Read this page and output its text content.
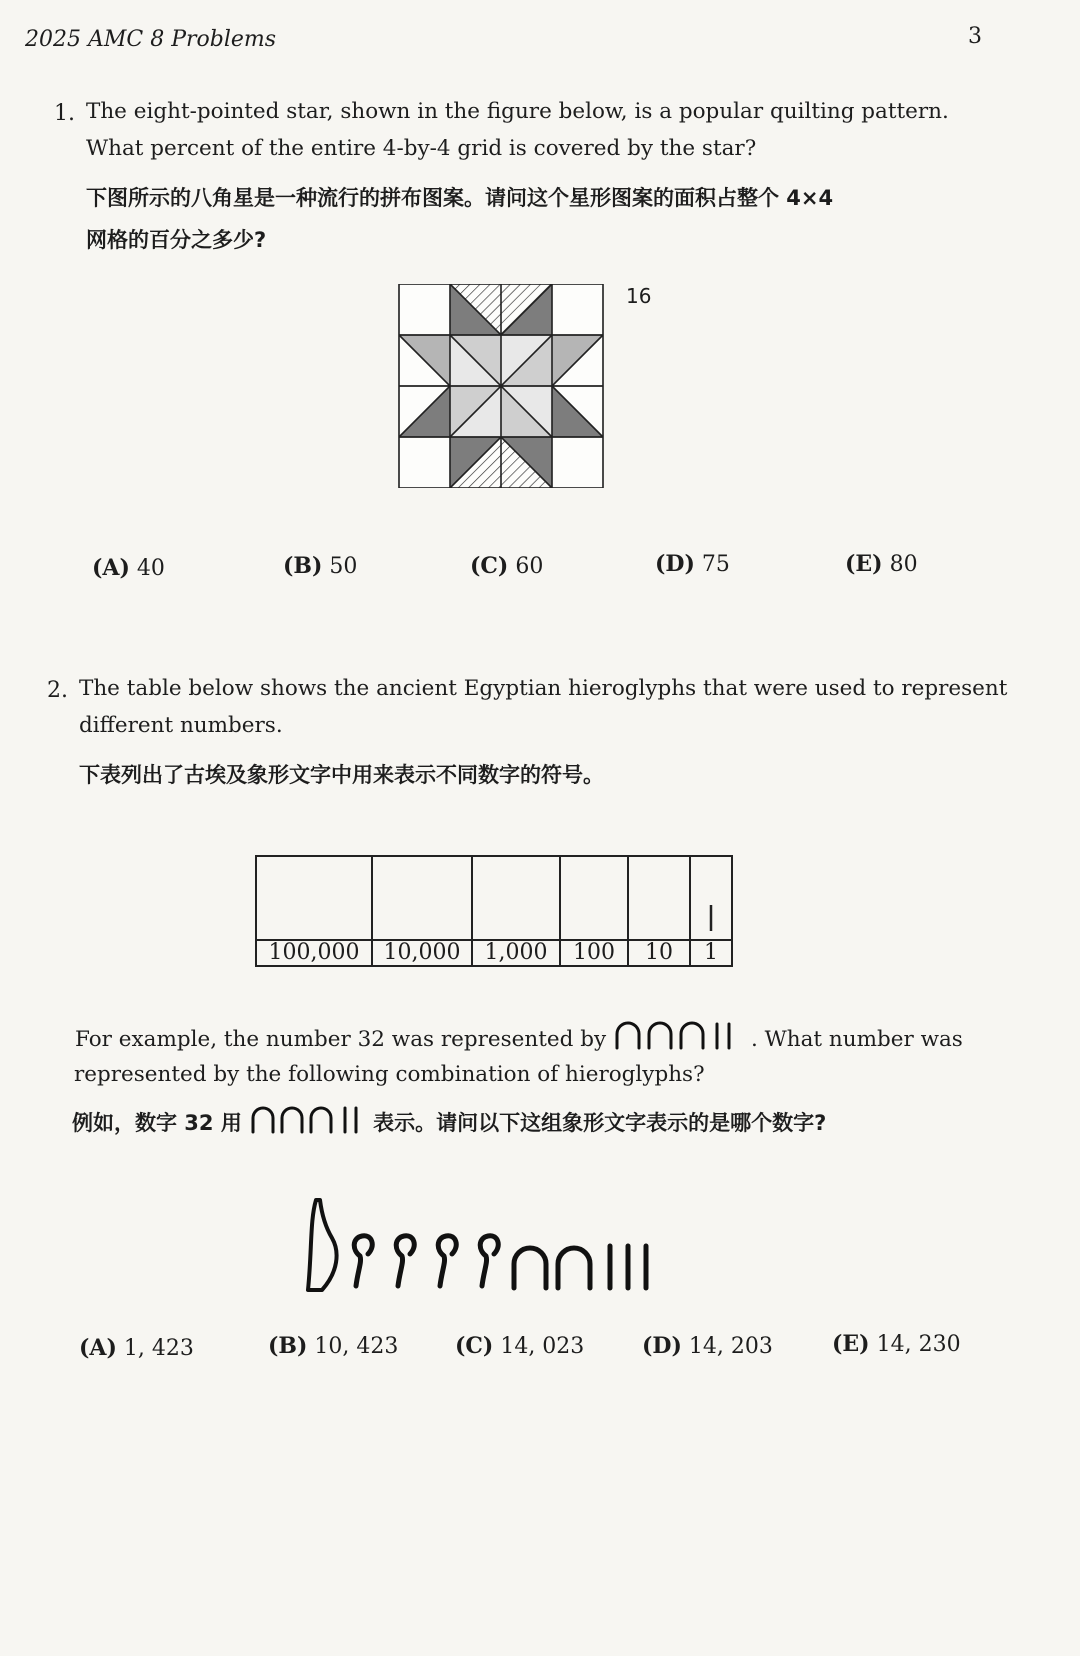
2025 AMC 8 Problems	3
1. The eight-pointed star, shown in the figure below, is a popular quilting pattern.
What percent of the entire 4-by-4 grid is covered by the star?
下图所示的八角星是一种流行的拼布图案。请问这个星形图案的面积占整个 4×4
网格的百分之多少?
16
(A) 40	(B) 50	(C) 60	(D) 75	(E) 80
2. The table below shows the ancient Egyptian hieroglyphs that were used to represent
different numbers.
下表列出了古埃及象形文字中用来表示不同数字的符号。

100,000	10,000	1,000	100	10	1
For example, the number 32 was represented by	. What number was
represented by the following combination of hieroglyphs?
例如，数字 32 用	表示。请问以下这组象形文字表示的是哪个数字?
(A) 1, 423	(B) 10, 423	(C) 14, 023	(D) 14, 203	(E) 14, 230
